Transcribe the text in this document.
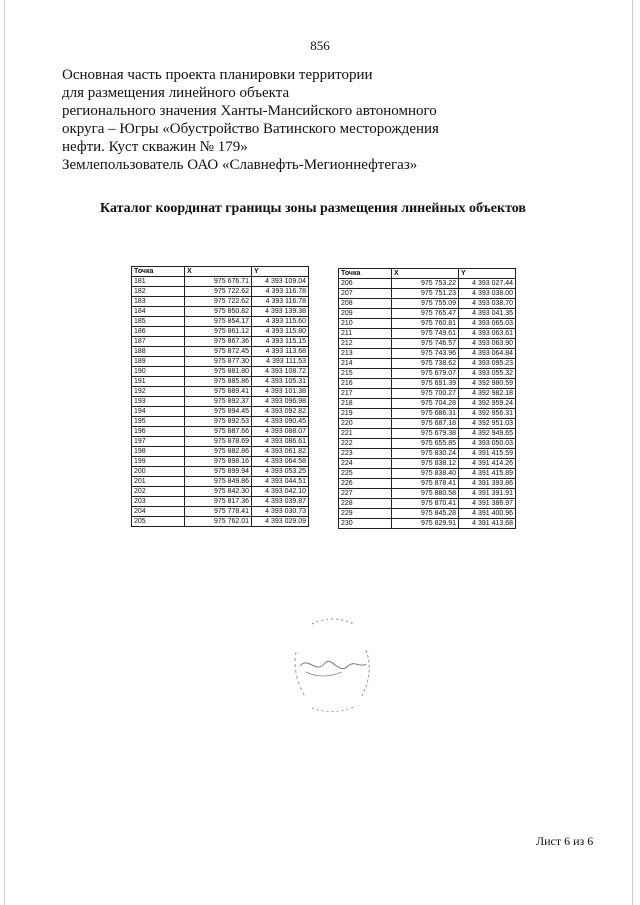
856
Основная часть проекта планировки территории
для размещения линейного объекта
регионального значения Ханты-Мансийского автономного
округа – Югры «Обустройство Ватинского месторождения
нефти. Куст скважин № 179»
Землепользователь ОАО «Славнефть-Мегионнефтегаз»
Каталог координат границы зоны размещения линейных объектов
Точка	X	Y
181	975 676.71	4 393 109.04
182	975 722.62	4 393 116.78
183	975 722.62	4 393 116.78
184	975 850.82	4 393 139.38
185	975 854.17	4 393 115.60
186	975 861.12	4 393 115.80
187	975 867.36	4 393 115.15
188	975 872.45	4 393 113.68
189	975 877.30	4 393 111.53
190	975 881.80	4 393 108.72
191	975 885.86	4 393 105.31
192	975 889.41	4 393 101.38
193	975 892.37	4 393 096.98
194	975 894.45	4 393 092.82
195	975 892.53	4 393 090.45
196	975 887.66	4 393 088.07
197	975 878.69	4 393 086.61
198	975 882.86	4 393 061.82
199	975 898.16	4 393 064.58
200	975 899.94	4 393 053.25
201	975 849.86	4 393 044.51
202	975 842.30	4 393 042.10
203	975 817.36	4 393 039.87
204	975 778.41	4 393 030.73
205	975 762.01	4 393 029.09
Точка	X	Y
206	975 753.22	4 393 027.44
207	975 751.23	4 393 038.00
208	975 755.09	4 393 038.70
209	975 765.47	4 393 041.35
210	975 760.81	4 393 065.03
211	975 749.61	4 393 063.61
212	975 746.57	4 393 063.90
213	975 743.96	4 393 064.84
214	975 738.62	4 393 095.23
215	975 679.07	4 393 055.32
216	975 691.39	4 392 980.59
217	975 700.27	4 392 982.18
218	975 704.28	4 392 959.24
219	975 686.31	4 392 956.31
220	975 687.18	4 392 951.03
221	975 679.38	4 392 949.65
222	975 655.85	4 393 050.03
223	975 830.24	4 391 415.59
224	975 838.12	4 391 414.26
225	975 838.40	4 391 415.89
226	975 878.41	4 391 393.86
227	975 880.58	4 391 391.91
228	975 870.41	4 391 386.97
229	975 845.28	4 391 400.96
230	975 829.91	4 391 413.68
Лист 6 из 6
